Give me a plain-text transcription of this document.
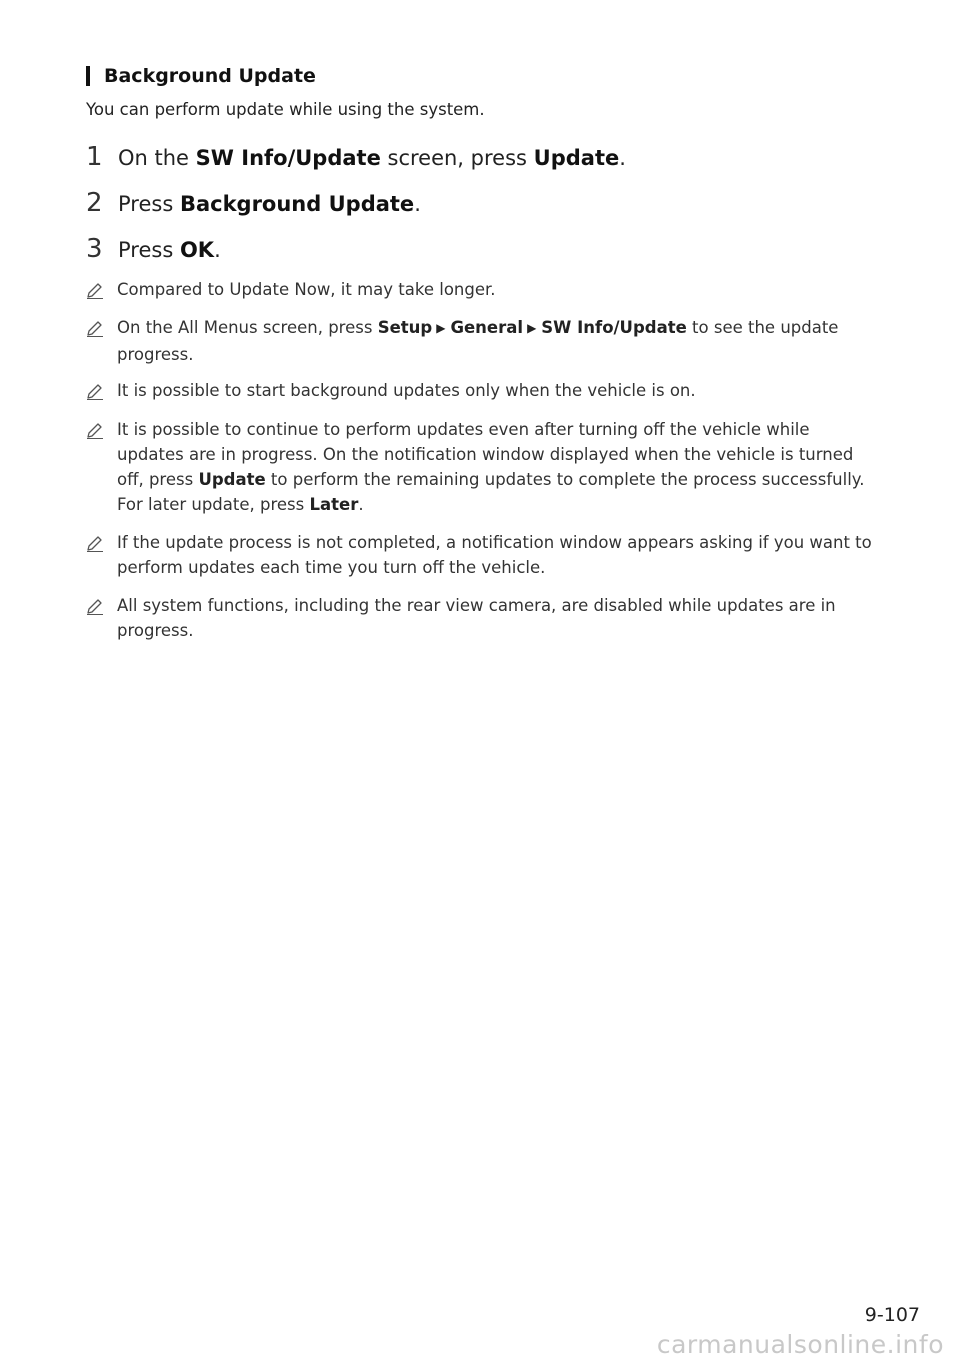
Background Update
You can perform update while using the system.
1 On the SW Info/Update screen, press Update.
2 Press Background Update.
3 Press OK.
Compared to Update Now, it may take longer.
On the All Menus screen, press Setup ▶ General ▶ SW Info/Update to see the update progress.
It is possible to start background updates only when the vehicle is on.
It is possible to continue to perform updates even after turning off the vehicle while updates are in progress. On the notification window displayed when the vehicle is turned off, press Update to perform the remaining updates to complete the process successfully. For later update, press Later.
If the update process is not completed, a notification window appears asking if you want to perform updates each time you turn off the vehicle.
All system functions, including the rear view camera, are disabled while updates are in progress.
9-107
carmanualsonline.info
